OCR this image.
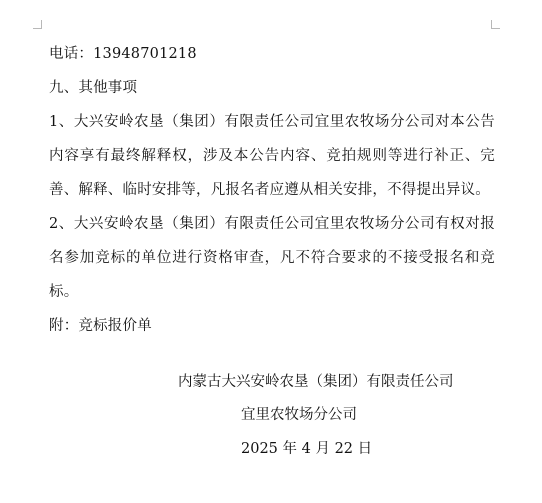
电话：13948701218
九、其他事项
1、大兴安岭农垦（集团）有限责任公司宜里农牧场分公司对本公告内容享有最终解释权，涉及本公告内容、竞拍规则等进行补正、完善、解释、临时安排等，凡报名者应遵从相关安排，不得提出异议。
2、大兴安岭农垦（集团）有限责任公司宜里农牧场分公司有权对报名参加竞标的单位进行资格审查，凡不符合要求的不接受报名和竞标。
附：竞标报价单
内蒙古大兴安岭农垦（集团）有限责任公司
宜里农牧场分公司
2025 年 4 月 22 日
